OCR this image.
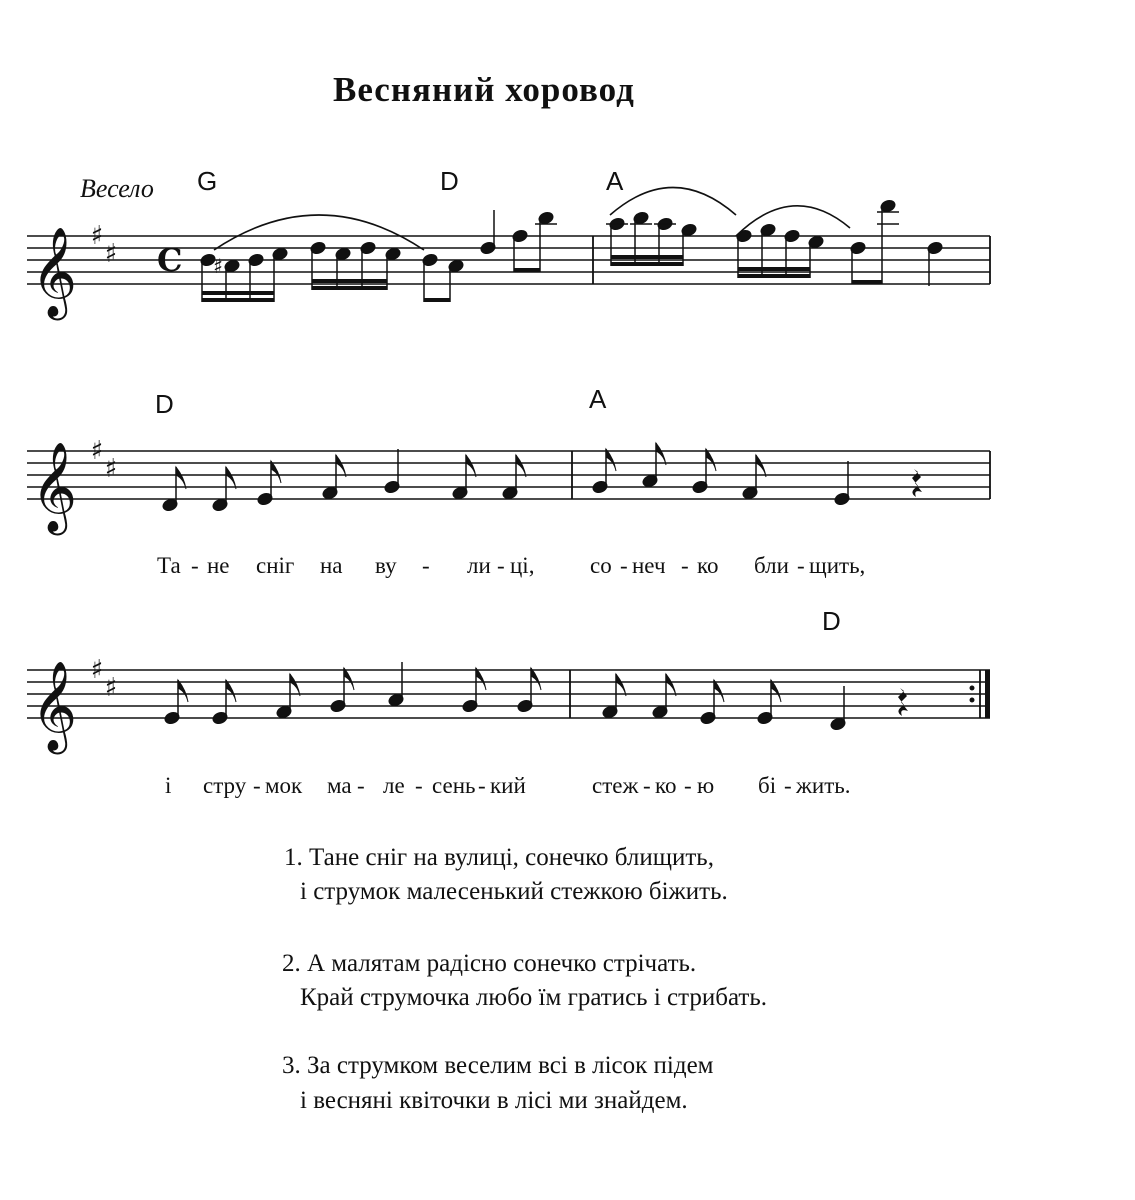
Весняний хоровод
Весело G	D	A
D	A
D
𝄞 ♯
♯ C
𝄞 ♯
♯
𝄞 ♯
♯
♯
Та - не сніг на ву - ли - ці, со - неч - ко бли - щить,
і стру - мок ма - ле - сень - кий	стеж - ко - ю бі - жить.
1. Тане сніг на вулиці, сонечко блищить,
і струмок малесенький стежкою біжить.
2. А малятам радісно сонечко стрічать.
Край струмочка любо їм гратись і стрибать.
3. За струмком веселим всі в лісок підем
і весняні квіточки в лісі ми знайдем.
